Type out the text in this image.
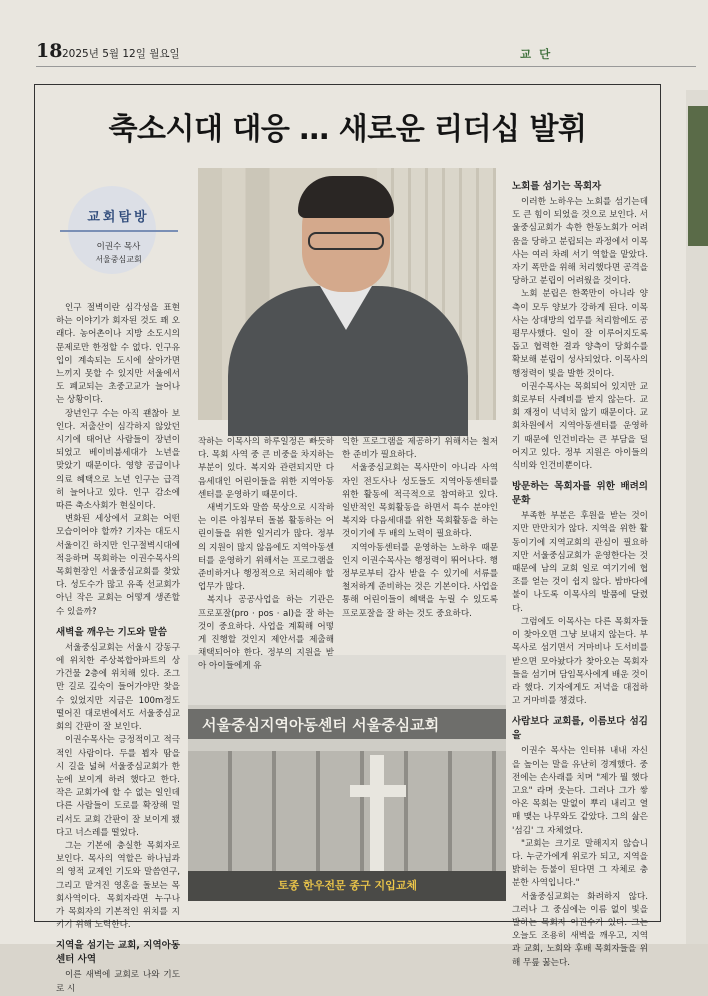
18 2025년 5월 12일 월요일	교 단
축소시대 대응 … 새로운 리더십 발휘
교회탐방
이권수 목사
서울중심교회
서울중심지역아동센터 서울중심교회
토종 한우전문 종구 지입교체

인구 절벽이란 심각성을 표현하는 이야기가 회자된 것도 꽤 오래다. 농어촌이나 지방 소도시의 문제로만 한정할 수 없다. 인구유입이 계속되는 도시에 살아가면 느끼지 못할 수 있지만 서울에서도 폐교되는 초중고교가 늘어나는 상황이다.

장년인구 수는 아직 괜찮아 보인다. 저출산이 심각하지 않았던 시기에 태어난 사람들이 장년이 되었고 베이비붐세대가 노년을 맞았기 때문이다. 영향 공급이나 의료 혜택으로 노년 인구는 급격히 늘어나고 있다. 인구 감소에 따른 축소사회가 현실이다.

변화된 세상에서 교회는 어떤 모습이어야 할까? 기자는 대도시 서울이긴 하지만 인구절벽시대에 적응하며 목회하는 이권수목사의 목회현장인 서울중심교회를 찾았다. 성도수가 많고 유족 선교회가 아닌 작은 교회는 어떻게 생존할 수 있을까?

새벽을 깨우는 기도와 말씀

서울중심교회는 서울시 강동구에 위치한 주상복합아파트의 상가건물 2층에 위치해 있다. 조그만 길로 깊숙이 들어가야만 찾을 수 있었지만 지금은 100m정도 떨어진 대로변에서도 서울중심교회의 간판이 잘 보인다.

이권수목사는 긍정적이고 적극적인 사람이다. 두를 뵙자 땀을 시 길을 넓혀 서울중심교회가 한 눈에 보이게 하려 했다고 한다. 작은 교회가에 할 수 없는 일인데 다른 사람들이 도로를 확장해 멀리서도 교회 간판이 잘 보이게 됐다고 너스레를 떨었다.

그는 기본에 충실한 목회자로 보인다. 목사의 역할은 하나님과의 영적 교제인 기도와 말씀연구, 그리고 맡겨진 영혼을 돌보는 목회사역이다. 목회자라면 누구나가 목회자의 기본적인 위치를 지키기 위해 노력한다.

지역을 섬기는 교회, 지역아동센터 사역

이른 새벽에 교회로 나와 기도로 시

작하는 이목사의 하루일정은 빠듯하다. 목회 사역 중 큰 비중을 차지하는 부분이 있다. 복지와 관련되지만 다음세대인 어린이들을 위한 지역아동센터를 운영하기 때문이다.

새벽기도와 말씀 묵상으로 시작하는 이른 아침부터 돌봄 활동하는 어린이들을 위한 일거리가 많다. 정부의 지원이 많지 않음에도 지역아동센터를 운영하기 위해서는 프로그램을 준비하거나 행정적으로 처리해야 할 업무가 많다.

복지나 공공사업을 하는 기관은 프로포잘(pro · pos · al)을 잘 하는 것이 중요하다. 사업을 계획해 어떻게 진행할 것인지 제안서를 제출해 채택되어야 한다. 정부의 지원을 받아 아이들에게 유

익한 프로그램을 제공하기 위해서는 철저한 준비가 필요하다.

서울중심교회는 목사만이 아니라 사역자인 전도사나 성도들도 지역아동센터를 위한 활동에 적극적으로 참여하고 있다. 일반적인 목회활동을 하면서 특수 분야인 복지와 다음세대를 위한 목회활동을 하는 것이기에 두 배의 노력이 필요하다.

지역아동센터를 운영하는 노하우 때문인지 이권수목사는 행정력이 뛰어나다. 행정부로부터 감사 받을 수 있기에 서류를 철저하게 준비하는 것은 기본이다. 사업을 통해 어린이들이 혜택을 누릴 수 있도록 프로포잘을 잘 하는 것도 중요하다.

노회를 섬기는 목회자

이러한 노하우는 노회를 섬기는데도 큰 힘이 되었을 것으로 보인다. 서울중심교회가 속한 한동노회가 어려움을 당하고 분립되는 과정에서 이목사는 여러 차례 서기 역할을 맡았다. 자기 폭만을 위해 처리했다면 공격을 당하고 분립이 어려웠을 것이다.

노회 분립은 한쪽만이 아니라 양측이 모두 양보가 강하게 된다. 이목사는 상대방의 업무를 처리함에도 공평무사했다. 일이 잘 이루어지도록 돕고 협력한 결과 양측이 당회수를 확보해 분립이 성사되었다. 이목사의 행정력이 빛을 발한 것이다.

이권수목사는 목회되어 있지만 교회로부터 사례비를 받지 않는다. 교회 재정이 넉넉치 않기 때문이다. 교회차원에서 지역아동센터를 운영하기 때문에 인건비라는 큰 부담을 덜어지고 있다. 정부 지원은 아이들의 식비와 인건비뿐이다.

방문하는 목회자를 위한 배려의 문화

부족한 부분은 후원을 받는 것이지만 만만치가 않다. 지역을 위한 활동이기에 지역교회의 관심이 필요하지만 서울중심교회가 운영한다는 것 때문에 남의 교회 일로 여기기에 협조를 얻는 것이 쉽지 않다. 밤바다에 불이 나도록 이목사의 발품에 달렸다.

그럼에도 이목사는 다른 목회자들이 찾아오면 그냥 보내지 않는다. 부목사로 섬기면서 거마비나 도서비를 받으면 모아놨다가 찾아오는 목회자들을 섬기며 담임목사에게 배운 것이라 했다. 기자에게도 저녁을 대접하고 거마비를 챙겼다.

사람보다 교회를, 이름보다 섬김을

이권수 목사는 인터뷰 내내 자신을 높이는 말을 유난히 경계했다. 중전에는 손사래를 치며 "제가 뭘 했다고요" 라며 웃는다. 그러나 그가 쌓아온 목회는 말없이 뿌리 내리고 열매 맺는 나무와도 같았다. 그의 삶은 '섬김' 그 자체였다.

"교회는 크기로 말해지지 않습니다. 누군가에게 위로가 되고, 지역을 밝히는 등불이 된다면 그 자체로 충분한 사역입니다."

서울중심교회는 화려하지 않다. 그러나 그 중심에는 이름 없이 빛을 발하는 목회자 이권수가 있다. 그는 오늘도 조용히 새벽을 깨우고, 지역과 교회, 노회와 후배 목회자들을 위해 무릎 꿇는다.
